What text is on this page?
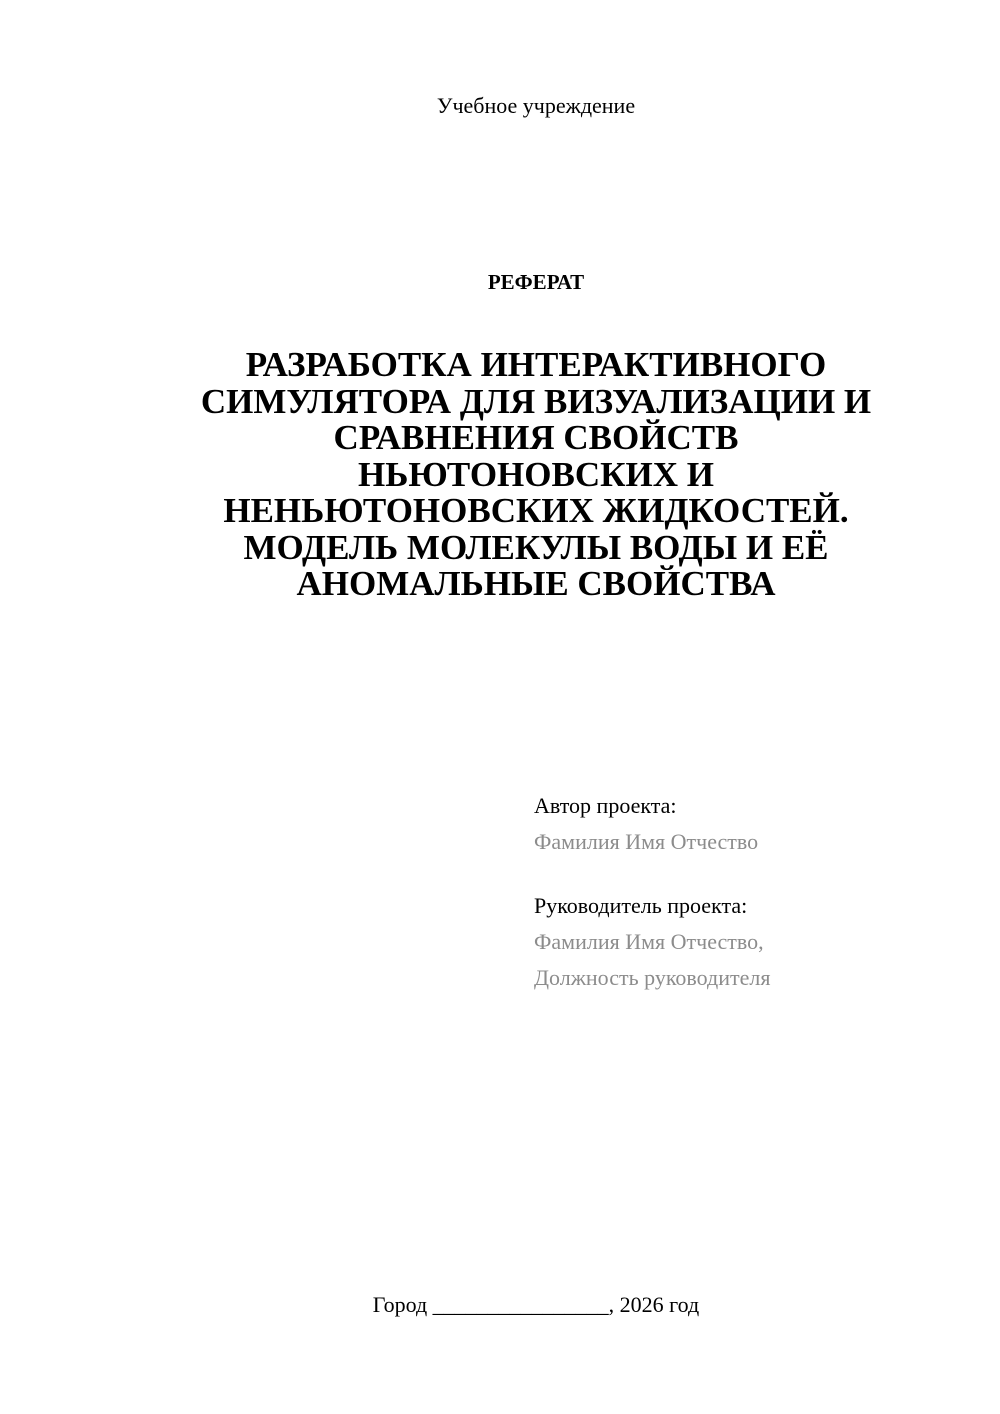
Учебное учреждение
РЕФЕРАТ
РАЗРАБОТКА ИНТЕРАКТИВНОГО
СИМУЛЯТОРА ДЛЯ ВИЗУАЛИЗАЦИИ И
СРАВНЕНИЯ СВОЙСТВ
НЬЮТОНОВСКИХ И
НЕНЬЮТОНОВСКИХ ЖИДКОСТЕЙ.
МОДЕЛЬ МОЛЕКУЛЫ ВОДЫ И ЕЁ
АНОМАЛЬНЫЕ СВОЙСТВА
Автор проекта:
Фамилия Имя Отчество
Руководитель проекта:
Фамилия Имя Отчество,
Должность руководителя
Город ________________, 2026 год
